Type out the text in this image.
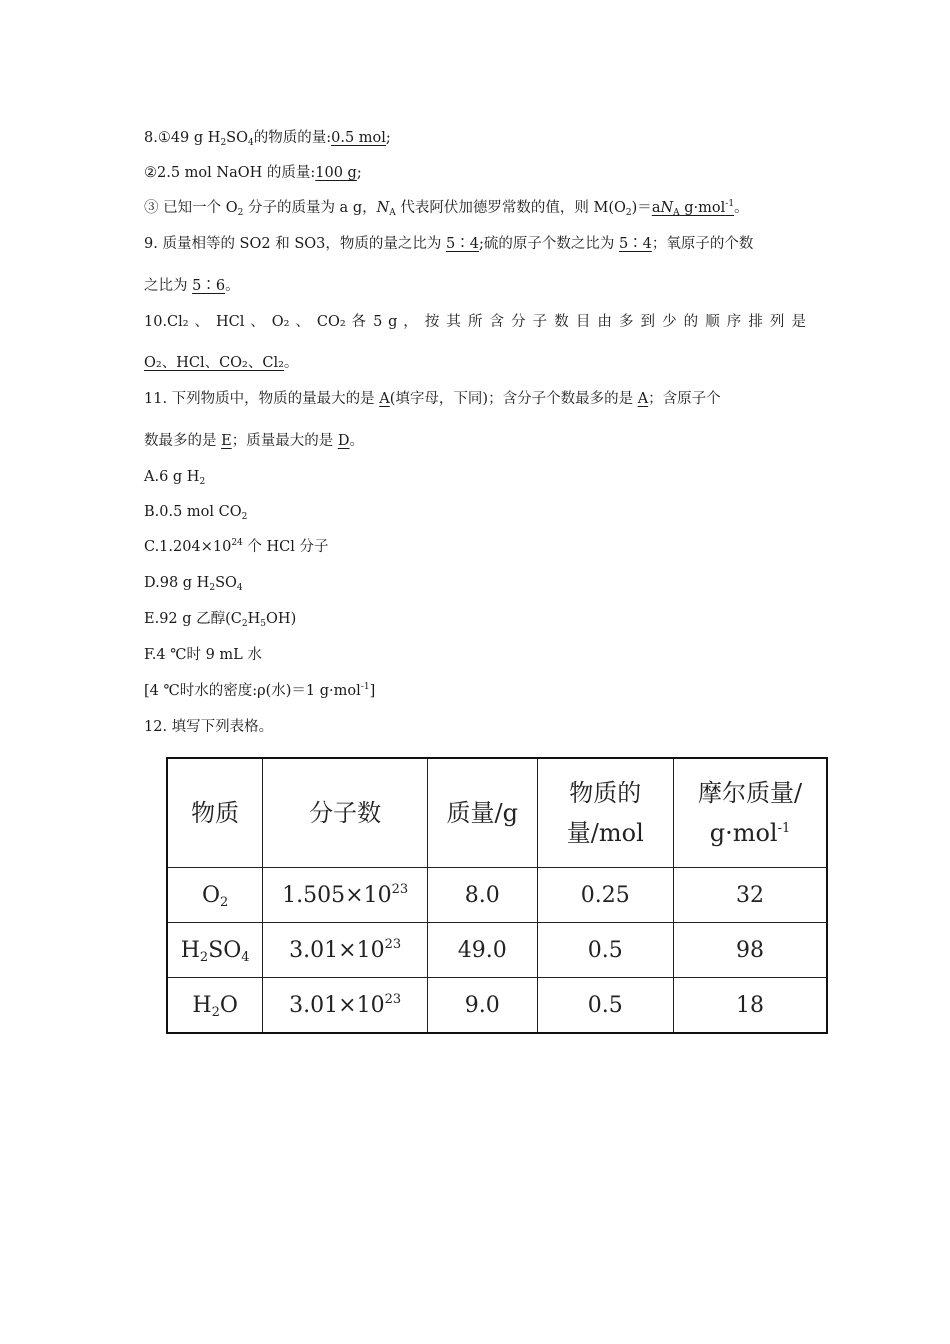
8.①49 g $H_2SO_4$的物质的量:0.5 mol;
②2.5 mol NaOH 的质量:100 g;
③ 已知一个 $O_2$ 分子的质量为 a g，$N_A$ 代表阿伏加德罗常数的值，则 $M(O_2)=aN_A$ g·mol$^{-1}$。
9. 质量相等的 SO2 和 SO3，物质的量之比为 5∶4;硫的原子个数之比为 5∶4；氧原子的个数
之比为 5∶6。
10.Cl₂ 、 HCl 、 O₂ 、 CO₂ 各 5 g ， 按 其 所 含 分 子 数 目 由 多 到 少 的 顺 序 排 列 是
O₂、HCl、CO₂、Cl₂。
11. 下列物质中，物质的量最大的是 A(填字母，下同)；含分子个数最多的是 A；含原子个
数最多的是 E；质量最大的是 D。
A.6 g $H_2$
B.0.5 mol $CO_2$
$C.1.204\times 10^{24}$ 个 HCl 分子
D.98 g $H_2SO_4$
E.92 g 乙醇$(C_2H_5OH)$
F.4 ℃时 9 mL 水
[4 ℃时水的密度:ρ(水)＝1 g·mol$^{-1}$]
12. 填写下列表格。
物质	分子数	质量/g	物质的
量/mol	摩尔质量/
g·mol$^{-1}$
$O_2$	$1.505\times 10^{23}$	8.0	0.25	32
$H_2SO_4$	$3.01\times 10^{23}$	49.0	0.5	98
$H_2O$	$3.01\times 10^{23}$	9.0	0.5	18
